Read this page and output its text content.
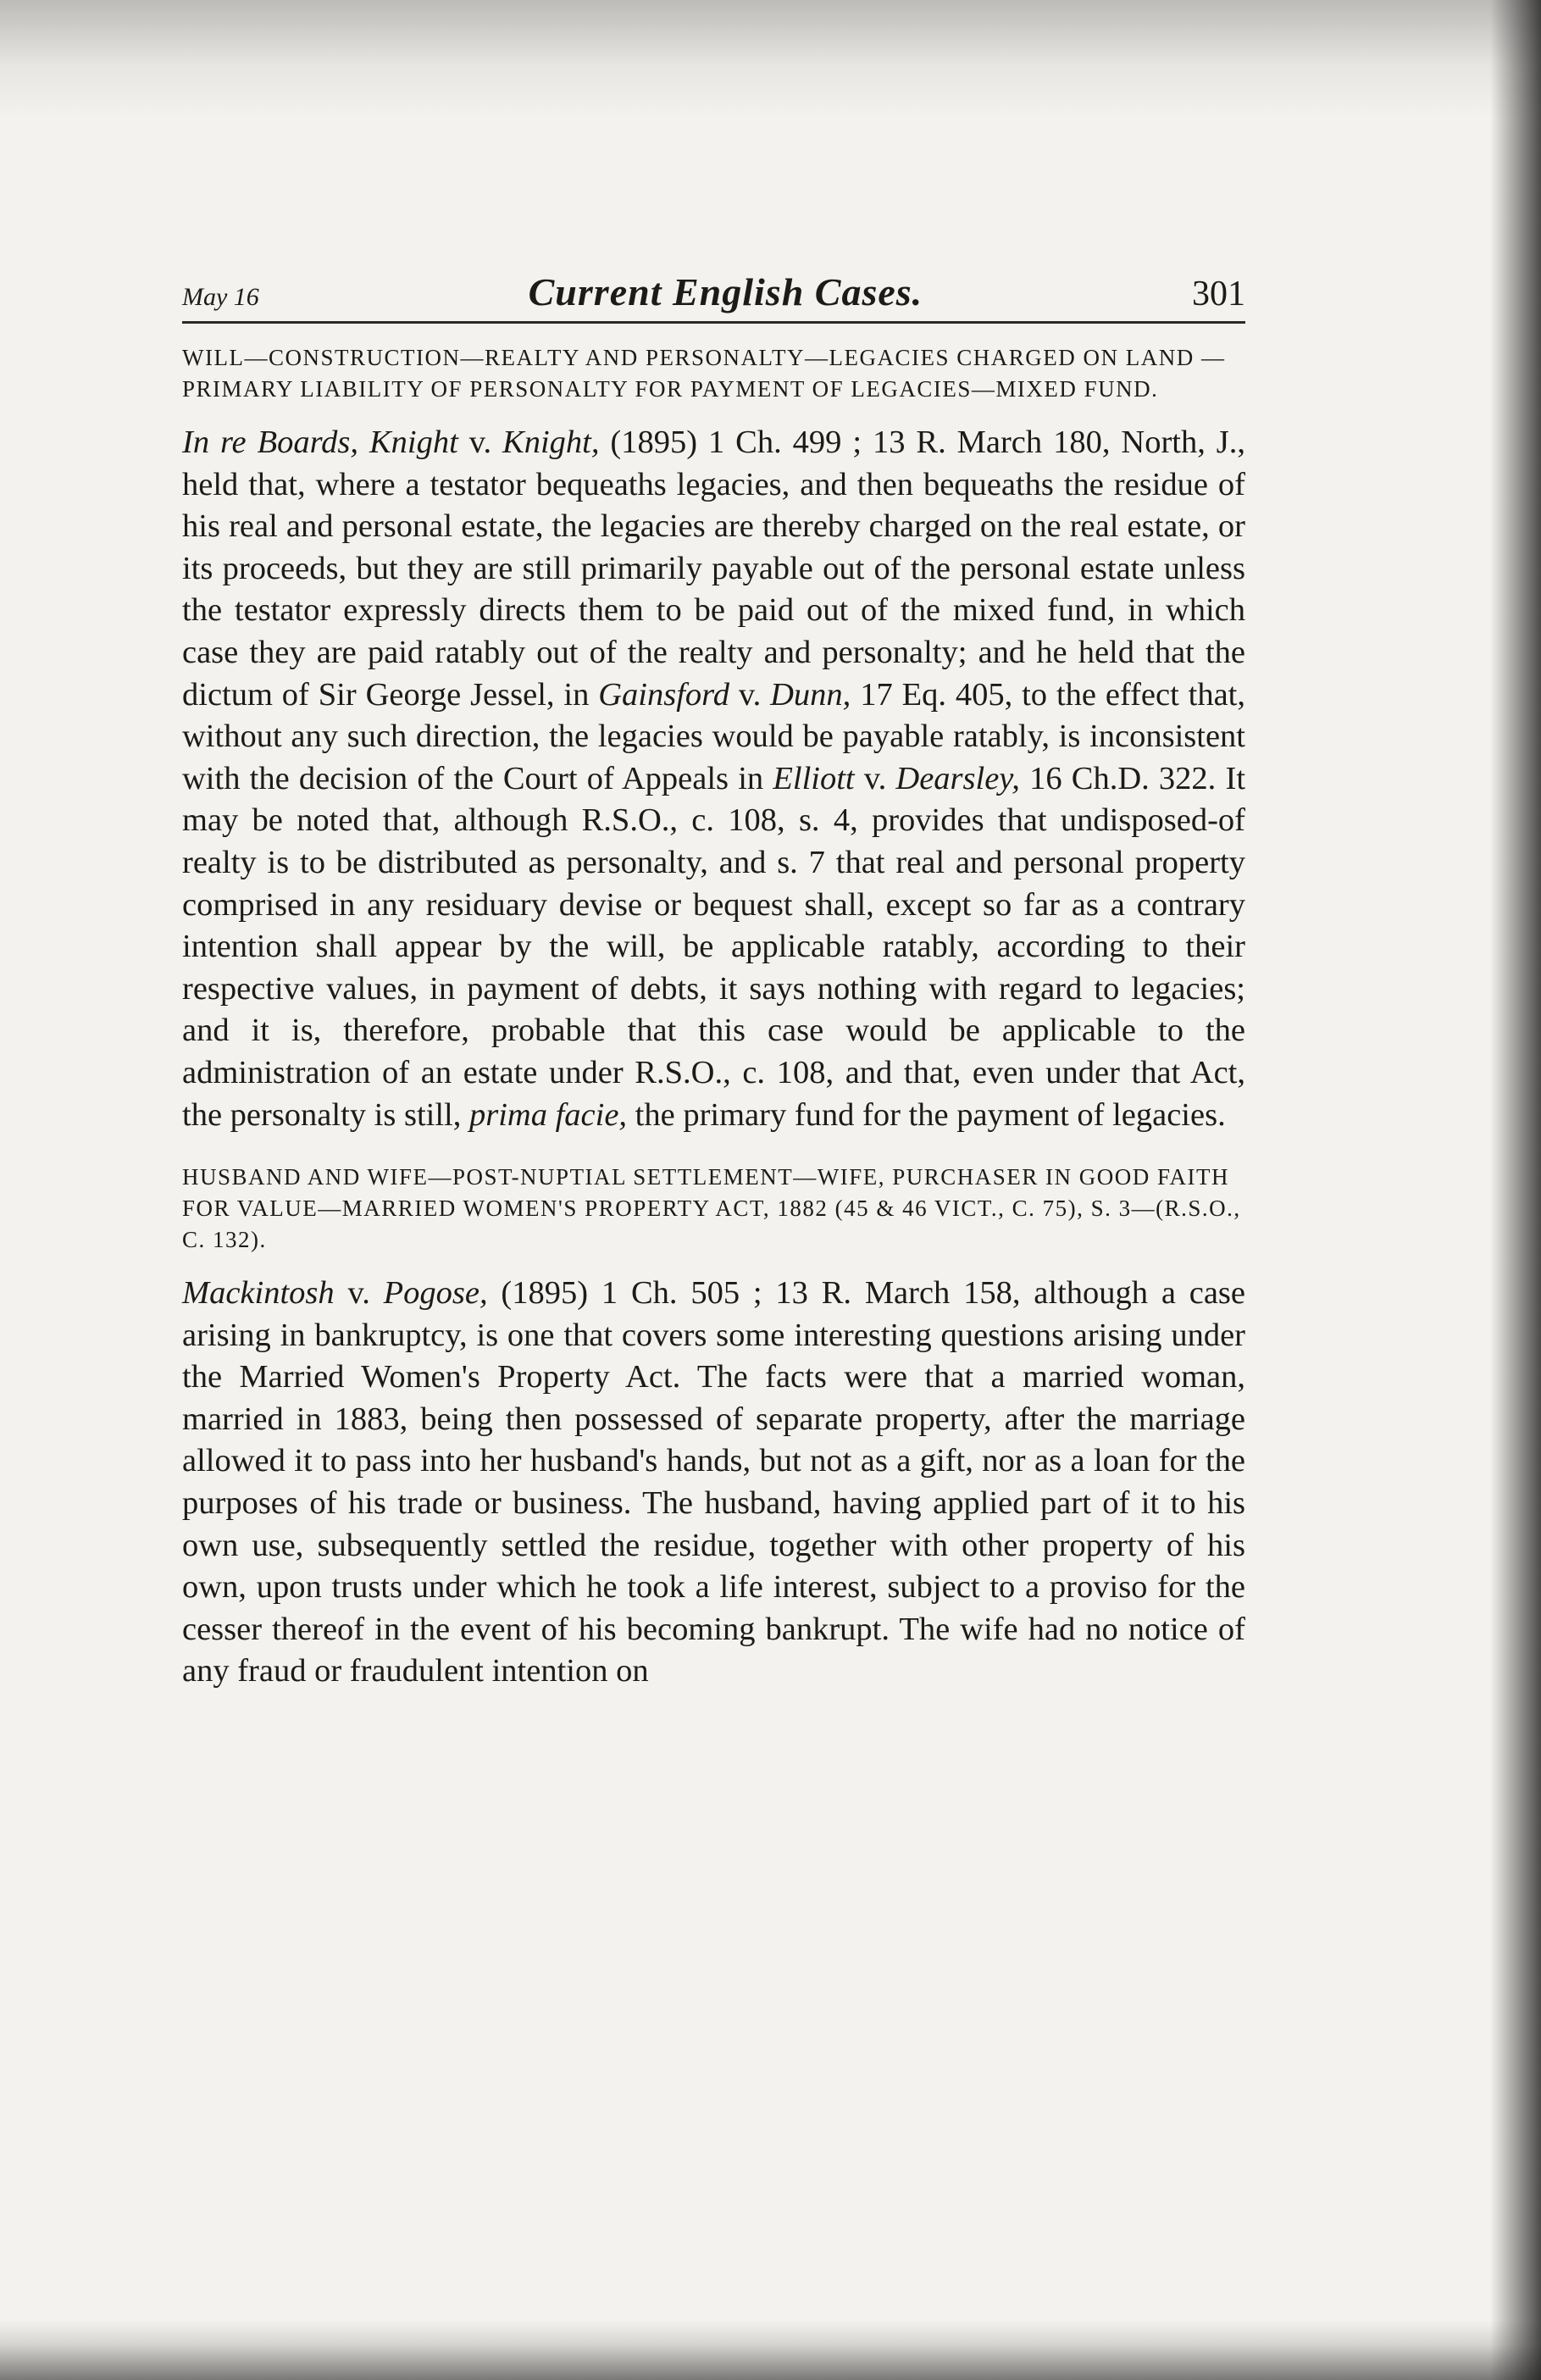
May 16	Current English Cases.	301

WILL—CONSTRUCTION—REALTY AND PERSONALTY—LEGACIES CHARGED ON LAND —PRIMARY LIABILITY OF PERSONALTY FOR PAYMENT OF LEGACIES—MIXED FUND.

In re Boards, Knight v. Knight, (1895) 1 Ch. 499 ; 13 R. March 180, North, J., held that, where a testator bequeaths legacies, and then bequeaths the residue of his real and personal estate, the legacies are thereby charged on the real estate, or its proceeds, but they are still primarily payable out of the personal estate unless the testator expressly directs them to be paid out of the mixed fund, in which case they are paid ratably out of the realty and personalty; and he held that the dictum of Sir George Jessel, in Gainsford v. Dunn, 17 Eq. 405, to the effect that, without any such direction, the legacies would be payable ratably, is inconsistent with the decision of the Court of Appeals in Elliott v. Dearsley, 16 Ch.D. 322. It may be noted that, although R.S.O., c. 108, s. 4, provides that undisposed-of realty is to be distributed as personalty, and s. 7 that real and personal property comprised in any residuary devise or bequest shall, except so far as a contrary intention shall appear by the will, be applicable ratably, according to their respective values, in payment of debts, it says nothing with regard to legacies; and it is, therefore, probable that this case would be applicable to the administration of an estate under R.S.O., c. 108, and that, even under that Act, the personalty is still, prima facie, the primary fund for the payment of legacies.

HUSBAND AND WIFE—POST-NUPTIAL SETTLEMENT—WIFE, PURCHASER IN GOOD FAITH FOR VALUE—MARRIED WOMEN'S PROPERTY ACT, 1882 (45 & 46 VICT., C. 75), S. 3—(R.S.O., C. 132).

Mackintosh v. Pogose, (1895) 1 Ch. 505 ; 13 R. March 158, although a case arising in bankruptcy, is one that covers some interesting questions arising under the Married Women's Property Act. The facts were that a married woman, married in 1883, being then possessed of separate property, after the marriage allowed it to pass into her husband's hands, but not as a gift, nor as a loan for the purposes of his trade or business. The husband, having applied part of it to his own use, subsequently settled the residue, together with other property of his own, upon trusts under which he took a life interest, subject to a proviso for the cesser thereof in the event of his becoming bankrupt. The wife had no notice of any fraud or fraudulent intention on
